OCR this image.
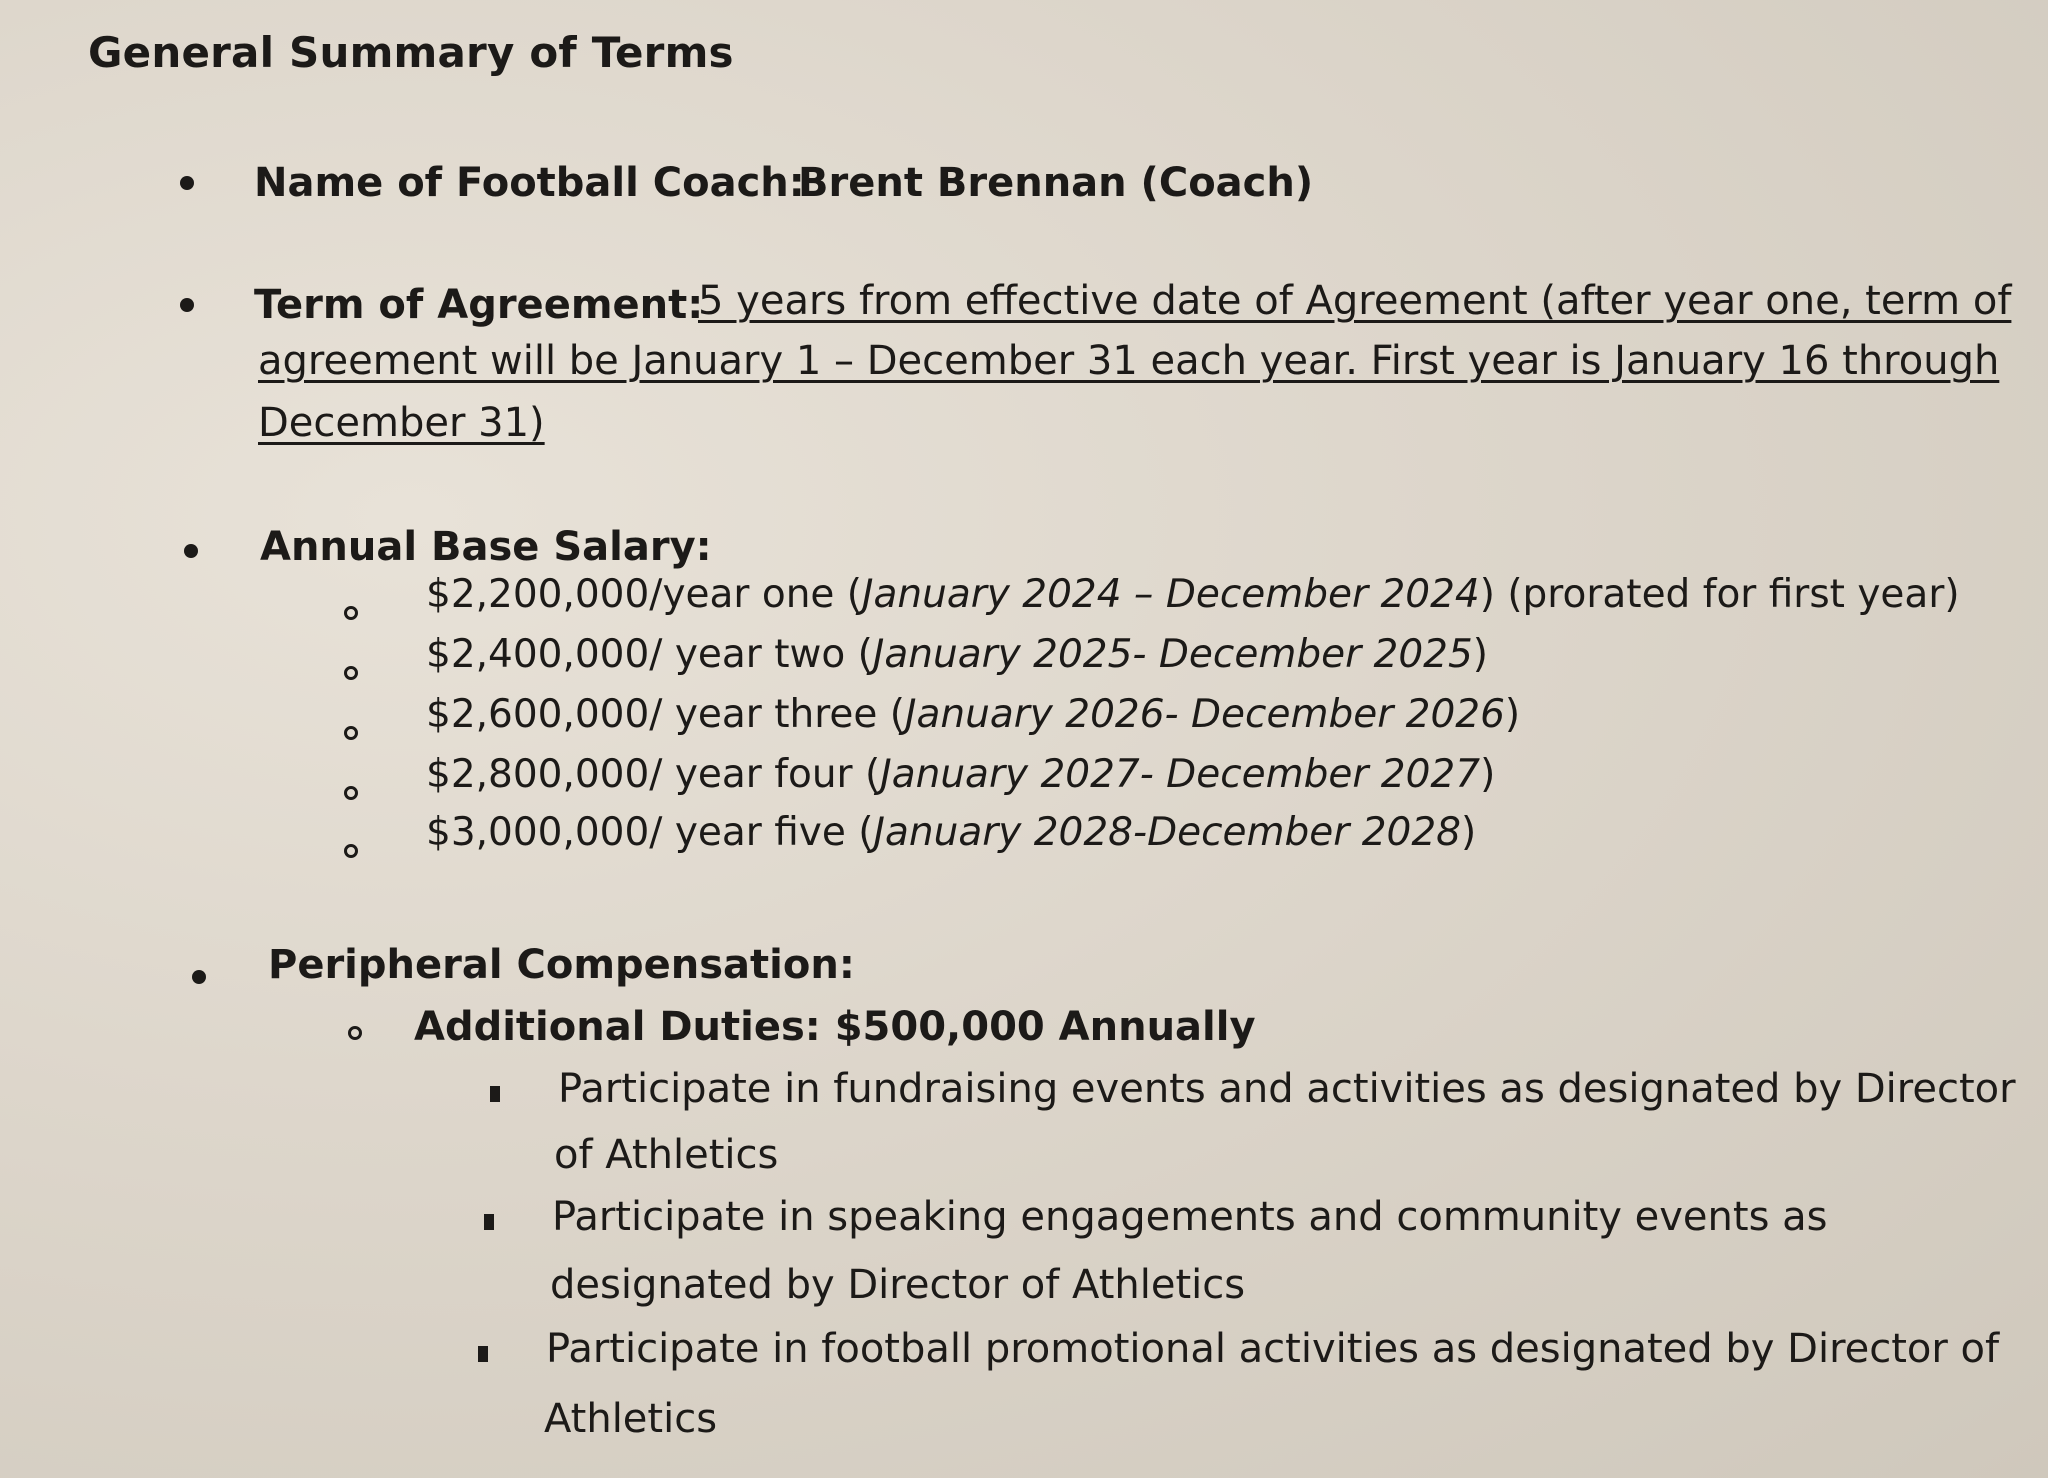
General Summary of Terms
Name of Football Coach:
Brent Brennan (Coach)
Term of Agreement:
5 years from effective date of Agreement (after year one, term of
agreement will be January 1 – December 31 each year. First year is January 16 through
December 31)
Annual Base Salary:
$2,200,000/year one (January 2024 – December 2024) (prorated for first year)
$2,400,000/ year two (January 2025- December 2025)
$2,600,000/ year three (January 2026- December 2026)
$2,800,000/ year four (January 2027- December 2027)
$3,000,000/ year five (January 2028-December 2028)
Peripheral Compensation:
Additional Duties: $500,000 Annually
Participate in fundraising events and activities as designated by Director
of Athletics
Participate in speaking engagements and community events as
designated by Director of Athletics
Participate in football promotional activities as designated by Director of
Athletics
